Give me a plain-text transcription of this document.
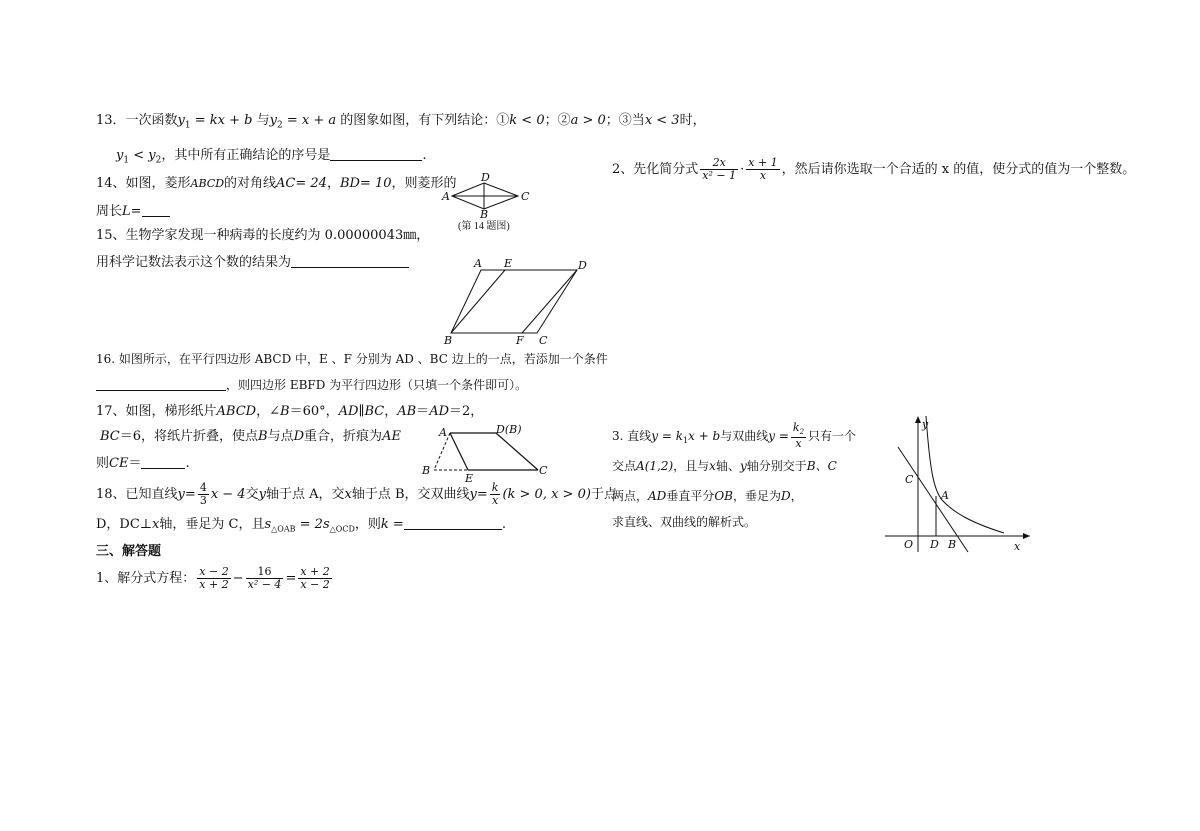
13．一次函数$y_1$ = kx + b 与$y_2 = x + a$ 的图象如图，有下列结论：①k < 0；②a > 0；③当x < 3时，
$y_1 < y_2$，其中所有正确结论的序号是	.
14、如图，菱形ABCD的对角线AC= 24，BD= 10，则菱形的
周长L=
A
D
C
B
(第 14 题图)
15、生物学家发现一种病毒的长度约为 0.00000043㎜，
用科学记数法表示这个数的结果为	A E	D
B	F C
16. 如图所示，在平行四边形 ABCD 中，E 、F 分别为 AD 、BC 边上的一点，若添加一个条件
，则四边形 EBFD 为平行四边形（只填一个条件即可）。
17、如图，梯形纸片ABCD，∠B＝60°，AD∥BC，AB＝AD＝2，
BC＝6，将纸片折叠，使点B与点D重合，折痕为AE
则CE＝	.
A	D(B)
B
E
C
18、已知直线$y= \frac{4}{3}$ x − 4交y轴于点 A，交x轴于点 B，交双曲线$y= \frac{k}{x} (k > 0$, x > 0)于点
D，DC⊥x轴，垂足为 C，且$s_{\triangle OAB} = 2s_{\triangle OCD}$，则k =	.
三、解答题
1、解分式方程： $\frac{x - 2}{x + 2} - \frac{16}{\text{x² − 4}} = \frac{x + 2}{x - 2}$
2、先化简分式 $\frac{2x}{\text{x² − 1}} \cdot \frac{x + 1}{x}$ ，然后请你选取一个合适的 x 的值，使分式的值为一个整数。
3. 直线$y = k_1x + b$与双曲线$y = \frac{k_2}{x}$ 只有一个
交点A(1,2)，且与x轴、y轴分别交于B、C
两点，AD垂直平分OB，垂足为D，
求直线、双曲线的解析式。
y
x
O
C
A
D B
